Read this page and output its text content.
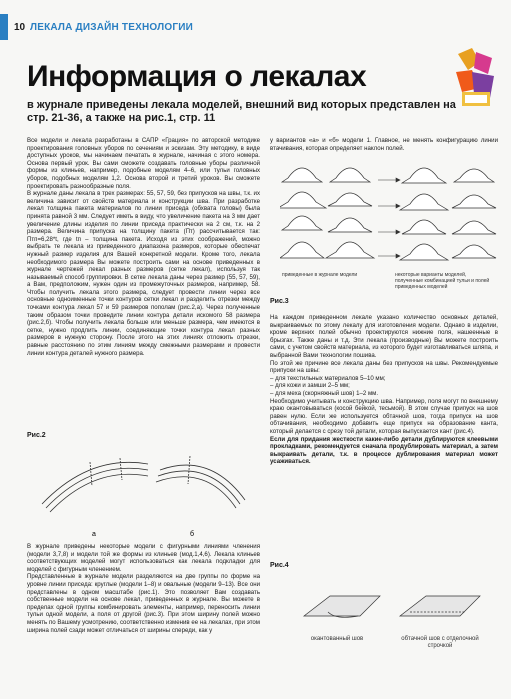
10 ЛЕКАЛА ДИЗАЙН ТЕХНОЛОГИИ
Информация о лекалах
в журнале приведены лекала моделей, внешний вид которых представлен на стр. 21-36, а также на рис.1, стр. 11

Все модели и лекала разработаны в САПР «Грация» по авторской методике проектирования головных уборов по сечениям и эскизам. Эту методику, в виде доступных уроков, мы начинаем печатать в журнале, начиная с этого номера. Основа первый урок. Вы сами сможете создавать головные уборы различной формы из клиньев, например, подобные моделям 4–6, или тульи головных уборов, подобных моделям 1,2. Основа второй и третий уроков. Вы сможете проектировать разнообразные поля.
В журнале даны лекала в трех размерах: 55, 57, 59, без припусков на швы, т.к. их величина зависит от свойств материала и конструкции шва. При разработке лекал толщина пакета материалов по линии приседа (обхвата головы) была принята равной 3 мм. Следует иметь в виду, что увеличение пакета на 3 мм дает увеличение длины изделия по линии приседа практически на 2 см, т.к. на 2 размера. Величина припуска на толщину пакета (Пт) рассчитывается так: Птп=6,28*t, где tп – толщина пакета. Исходя из этих соображений, можно выбрать те лекала из приведенного диапазона размеров, которые обеспечат нужный размер изделия для Вашей конкретной модели. Кроме того, лекала необходимого размера Вы можете построить сами на основе приведенных в журнале чертежей лекал разных размеров (сетке лекал), используя так называемый способ группировки. В сетке лекала даны через размер (55, 57, 59), а Вам, предположим, нужен один из промежуточных размеров, например, 58. Чтобы получить лекала этого размера, следует провести линии через все основные одноименные точки контуров сетки лекал и разделить отрезки между точками контура лекал 57 и 59 размеров пополам (рис.2,а). Через полученные таким образом точки проведите линии контура детали искомого 58 размера (рис.2,б). Чтобы получить лекала больше или меньше размера, чем имеются в сетке, нужно продлить линии, соединяющие точки контура лекал разных размеров в нужную сторону. После этого на этих линиях отложить отрезки, равные расстоянию по этим линиям между смежными размерами и провести линии контура деталей нужного размера.

Рис.2
а	б

В журнале приведены некоторые модели с фигурными линиями членения (модели 3,7,8) и модели той же формы из клиньев (мод.1,4,6). Лекала клиньев соответствующих моделей могут использоваться как лекала подкладки для моделей с фигурным членением.
Представленные в журнале модели разделяются на две группы по форме на уровне линии приседа: круглые (модели 1–8) и овальные (модели 9–13). Все они представлены в одном масштабе (рис.1). Это позволяет Вам создавать собственные модели на основе лекал, приведенных в журнале. Вы можете в пределах одной группы комбинировать элементы, например, переносить линии тульи одной модели, а поля от другой (рис.3). При этом ширину полей можно менять по Вашему усмотрению, соответственно изменив ее на лекалах, при этом ширина полей сзади может отличаться от ширины спереди, как у

у вариантов «а» и «б» модели 1. Главное, не менять конфигурацию линии втачивания, которая определяет наклон полей.

приведенные в журнале модели	некоторые варианты моделей, полученные комбинацией тульи и полей приведенных моделей
Рис.3

На каждом приведенном лекале указано количество основных деталей, выкраиваемых по этому лекалу для изготовления модели. Однако в изделии, кроме верхних полей обычно проектируются нижние поля, нашеенные в брызгах. Также даны и т.д. Эти лекала (производные) Вы можете построить сами, с учетом свойств материала, из которого будет изготавливаться шляпа, и выбранной Вами технологии пошива.

По этой же причине все лекала даны без припусков на швы. Рекомендуемые припуски на швы:

– для текстильных материалов 5–10 мм;

– для кожи и замши 2–5 мм;

– для меха (скорняжный шов) 1–2 мм.

Необходимо учитывать и конструкцию шва. Например, поля могут по внешнему краю окантовываться (косой бейкой, тесьмой). В этом случае припуск на шов равен нулю. Если же используется обтачной шов, тогда припуск на шов обтачивания, необходимо добавить еще припуск на образование канта, который делается с срезу той детали, которая выпускается кант (рис.4).

Если для придания жесткости какие-либо детали дублируются клеевыми прокладками, рекомендуется сначала продублировать материал, а затем выкраивать детали, т.к. в процессе дублирования материал может усаживаться.

Рис.4
окантованный шов	обтачной шов с отделочной строчкой
